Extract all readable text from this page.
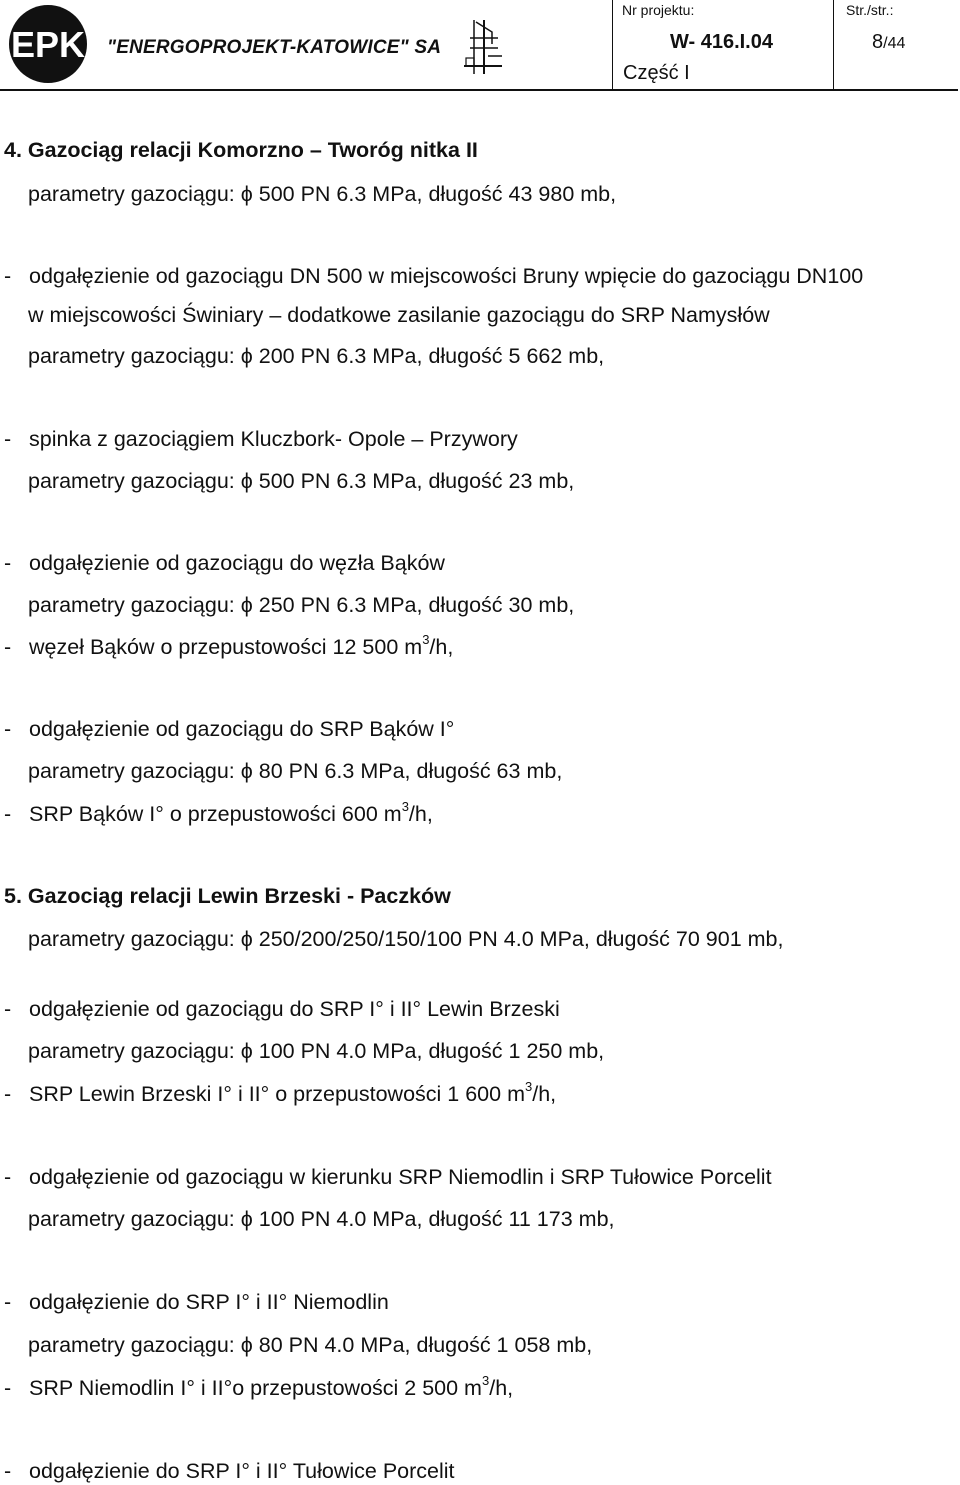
EPK "ENERGOPROJEKT-KATOWICE" SA
Nr projektu:
W- 416.I.04
Część I
Str./str.:
8/44
4. Gazociąg relacji Komorzno – Tworóg nitka II
parametry gazociągu: ϕ 500 PN 6.3 MPa, długość 43 980 mb,
- odgałęzienie od gazociągu DN 500 w miejscowości Bruny wpięcie do gazociągu DN100
w miejscowości Świniary – dodatkowe zasilanie gazociągu do SRP Namysłów
parametry gazociągu: ϕ 200 PN 6.3 MPa, długość 5 662 mb,
- spinka z gazociągiem Kluczbork- Opole – Przywory
parametry gazociągu: ϕ 500 PN 6.3 MPa, długość 23 mb,
- odgałęzienie od gazociągu do węzła Bąków
parametry gazociągu: ϕ 250 PN 6.3 MPa, długość 30 mb,
- węzeł Bąków o przepustowości 12 500 $m^3/h$,
- odgałęzienie od gazociągu do SRP Bąków I°
parametry gazociągu: ϕ 80 PN 6.3 MPa, długość 63 mb,
- SRP Bąków I° o przepustowości 600 $m^3/h$,
5. Gazociąg relacji Lewin Brzeski - Paczków
parametry gazociągu: ϕ 250/200/250/150/100 PN 4.0 MPa, długość 70 901 mb,
- odgałęzienie od gazociągu do SRP I° i II° Lewin Brzeski
parametry gazociągu: ϕ 100 PN 4.0 MPa, długość 1 250 mb,
- SRP Lewin Brzeski I° i II° o przepustowości 1 600 $m^3/h$,
- odgałęzienie od gazociągu w kierunku SRP Niemodlin i SRP Tułowice Porcelit
parametry gazociągu: ϕ 100 PN 4.0 MPa, długość 11 173 mb,
- odgałęzienie do SRP I° i II° Niemodlin
parametry gazociągu: ϕ 80 PN 4.0 MPa, długość 1 058 mb,
- SRP Niemodlin I° i II°o przepustowości 2 500 $m^3/h$,
- odgałęzienie do SRP I° i II° Tułowice Porcelit
